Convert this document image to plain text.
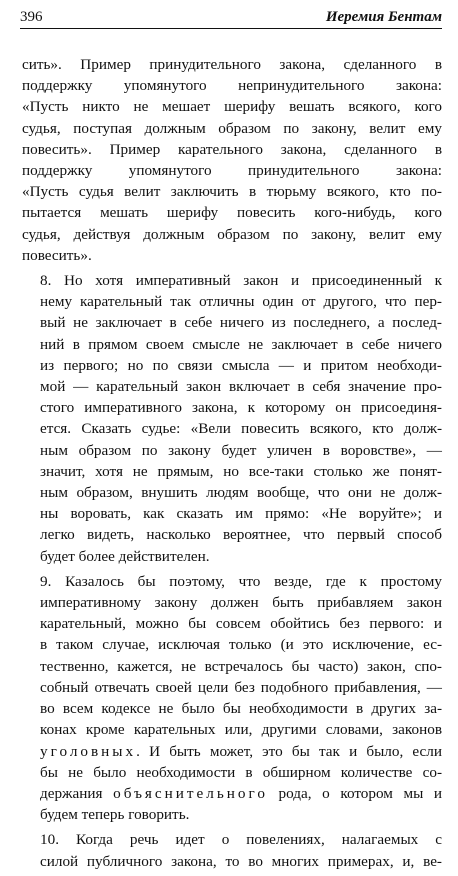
396	Иеремия Бентам

сить». Пример принудительного закона, сделанного в
поддержку упомянутого непринудительного закона:
«Пусть никто не мешает шерифу вешать всякого, кого
судья, поступая должным образом по закону, велит ему
повесить». Пример карательного закона, сделанного в
поддержку упомянутого принудительного закона:
«Пусть судья велит заключить в тюрьму всякого, кто по-
пытается мешать шерифу повесить кого-нибудь, кого
судья, действуя должным образом по закону, велит ему
повесить».

8. Но хотя императивный закон и присоединенный к
нему карательный так отличны один от другого, что пер-
вый не заключает в себе ничего из последнего, а послед-
ний в прямом своем смысле не заключает в себе ничего
из первого; но по связи смысла — и притом необходи-
мой — карательный закон включает в себя значение про-
стого императивного закона, к которому он присоединя-
ется. Сказать судье: «Вели повесить всякого, кто долж-
ным образом по закону будет уличен в воровстве», —
значит, хотя не прямым, но все-таки столько же понят-
ным образом, внушить людям вообще, что они не долж-
ны воровать, как сказать им прямо: «Не воруйте»; и
легко видеть, насколько вероятнее, что первый способ
будет более действителен.

9. Казалось бы поэтому, что везде, где к простому
императивному закону должен быть прибавляем закон
карательный, можно бы совсем обойтись без первого: и
в таком случае, исключая только (и это исключение, ес-
тественно, кажется, не встречалось бы часто) закон, спо-
собный отвечать своей цели без подобного прибавления, —
во всем кодексе не было бы необходимости в других за-
конах кроме карательных или, другими словами, законов
уголовных. И быть может, это бы так и было, если
бы не было необходимости в обширном количестве со-
держания объяснительного рода, о котором мы и
будем теперь говорить.

10. Когда речь идет о повелениях, налагаемых с
силой публичного закона, то во многих примерах, и, ве-
